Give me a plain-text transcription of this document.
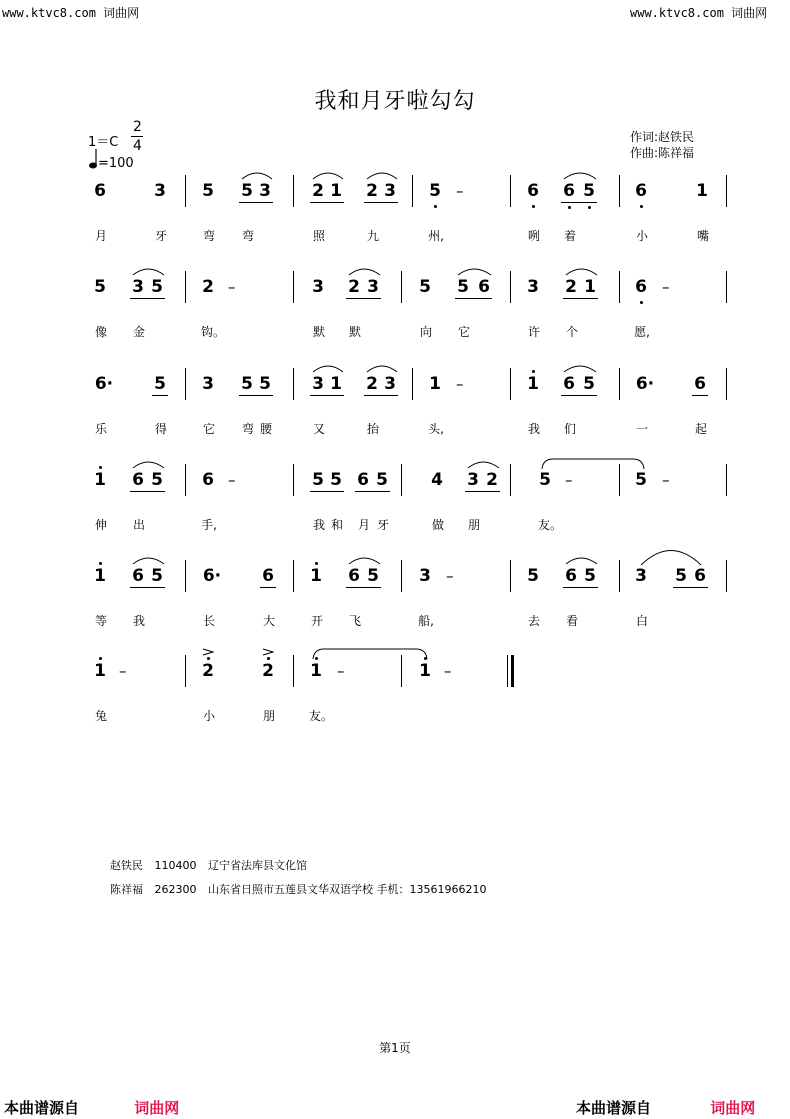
www.ktvc8.com 词曲网	www.ktvc8.com 词曲网
我和月牙啦勾勾
1＝C
2
4
=100
作词:赵铁民
作曲:陈祥福
6	3 5 5 3 2 1 2 3 5 –	6 6 5 6	1
月	牙	弯 弯	照	九	州,	咧 着	小	嘴
5 3 5 2 –	3 2 3 5 5 6 3 2 1 6 –
像 金	钩。	默 默	向 它	许 个	愿,
6· 5 3 5 5 3 1 2 3 1 –	1 6 5 6· 6
乐	得	它 弯 腰	又	抬	头,	我 们	一	起
1 6 5 6 –	5 5 6 5	4 3 2 5 –	5 –
伸 出	手,	我 和 月 牙	做 朋	友。
1 6 5 6· 6 1 6 5 3 –	5 6 5 3 5 6
等 我	长	大	开 飞	船,	去 看	白
1 –	2	2 1 –	1 –
兔	小	朋	友。
赵铁民 110400 辽宁省法库县文化馆
陈祥福 262300 山东省日照市五莲县文华双语学校 手机：13561966210
第1页
本曲谱源自	词曲网	本曲谱源自	词曲网
